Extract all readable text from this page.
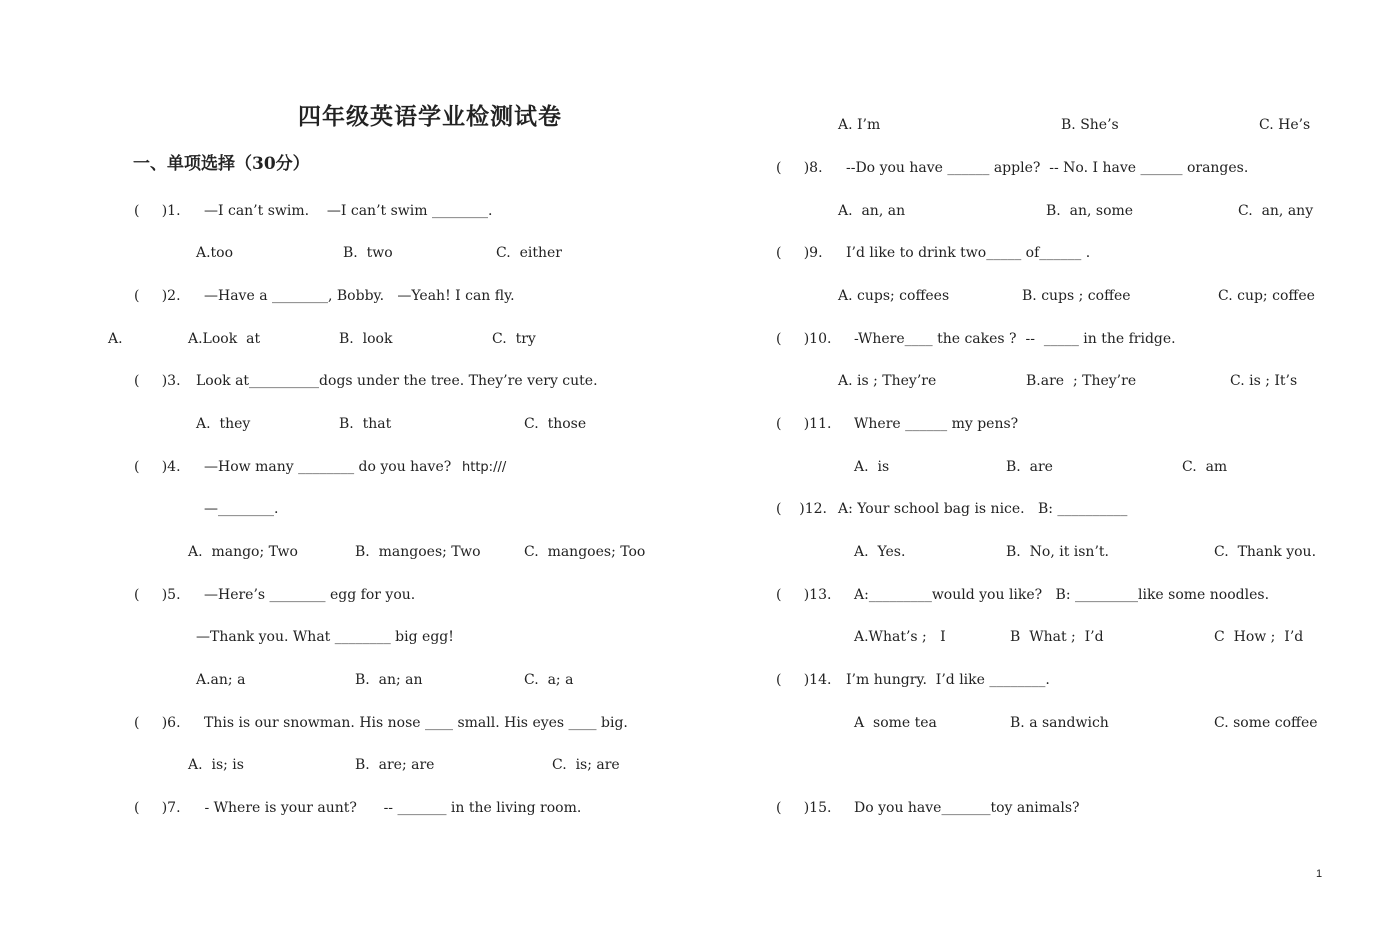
四年级英语学业检测试卷
一、单项选择（30分）
(     )1. —I can’t swim.    —I can’t swim ________.
A.too	B.  two	C.  either
(     )2. —Have a ________, Bobby.   —Yeah! I can fly.
A.	A.Look  at	B.  look	C.  try
(     )3. Look at__________dogs under the tree. They’re very cute.
A.  they	B.  that	C.  those
(     )4. —How many ________ do you have? http:///
—________.
A.  mango; Two	B.  mangoes; Two	C.  mangoes; Too
(     )5. —Here’s ________ egg for you.
—Thank you. What ________ big egg!
A.an; a	B.  an; an	C.  a; a
(     )6. This is our snowman. His nose ____ small. His eyes ____ big.
A.  is; is	B.  are; are	C.  is; are
(     )7. - Where is your aunt?      -- _______ in the living room.
A. I’m	B. She’s	C. He’s
(     )8. --Do you have ______ apple?  -- No. I have ______ oranges.
A.  an, an	B.  an, some	C.  an, any
(     )9. I’d like to drink two_____ of______ .
A. cups; coffees	B. cups ; coffee	C. cup; coffee
(     )10. -Where____ the cakes ?  --  _____ in the fridge.
A. is ; They’re	B.are  ; They’re	C. is ; It’s
(     )11. Where ______ my pens?
A.  is	B.  are	C.  am
(    )12. A: Your school bag is nice.   B: __________
A.  Yes.	B.  No, it isn’t.	C.  Thank you.
(     )13. A:_________would you like?   B: _________like some noodles.
A.What’s ;   I	B  What ;  I’d	C  How ;  I’d
(     )14. I’m hungry.  I’d like ________.
A  some tea	B. a sandwich	C. some coffee
(     )15. Do you have_______toy animals?
1
